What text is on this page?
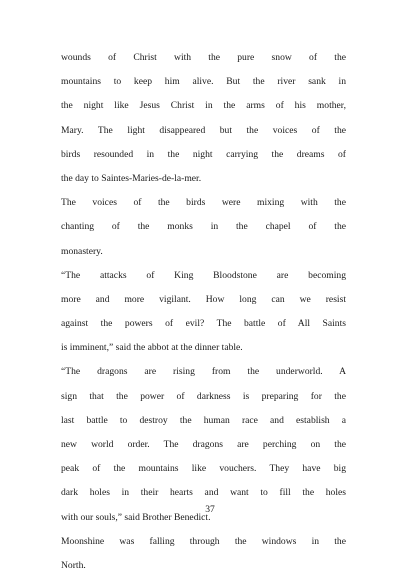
wounds of Christ with the pure snow of the
mountains to keep him alive. But the river sank in
the night like Jesus Christ in the arms of his mother,
Mary. The light disappeared but the voices of the
birds resounded in the night carrying the dreams of
the day to Saintes-Maries-de-la-mer.
The voices of the birds were mixing with the
chanting of the monks in the chapel of the
monastery.
“The attacks of King Bloodstone are becoming
more and more vigilant. How long can we resist
against the powers of evil? The battle of All Saints
is imminent,” said the abbot at the dinner table.
“The dragons are rising from the underworld. A
sign that the power of darkness is preparing for the
last battle to destroy the human race and establish a
new world order. The dragons are perching on the
peak of the mountains like vouchers. They have big
dark holes in their hearts and want to fill the holes
with our souls,” said Brother Benedict.
Moonshine was falling through the windows in the
North.
37
